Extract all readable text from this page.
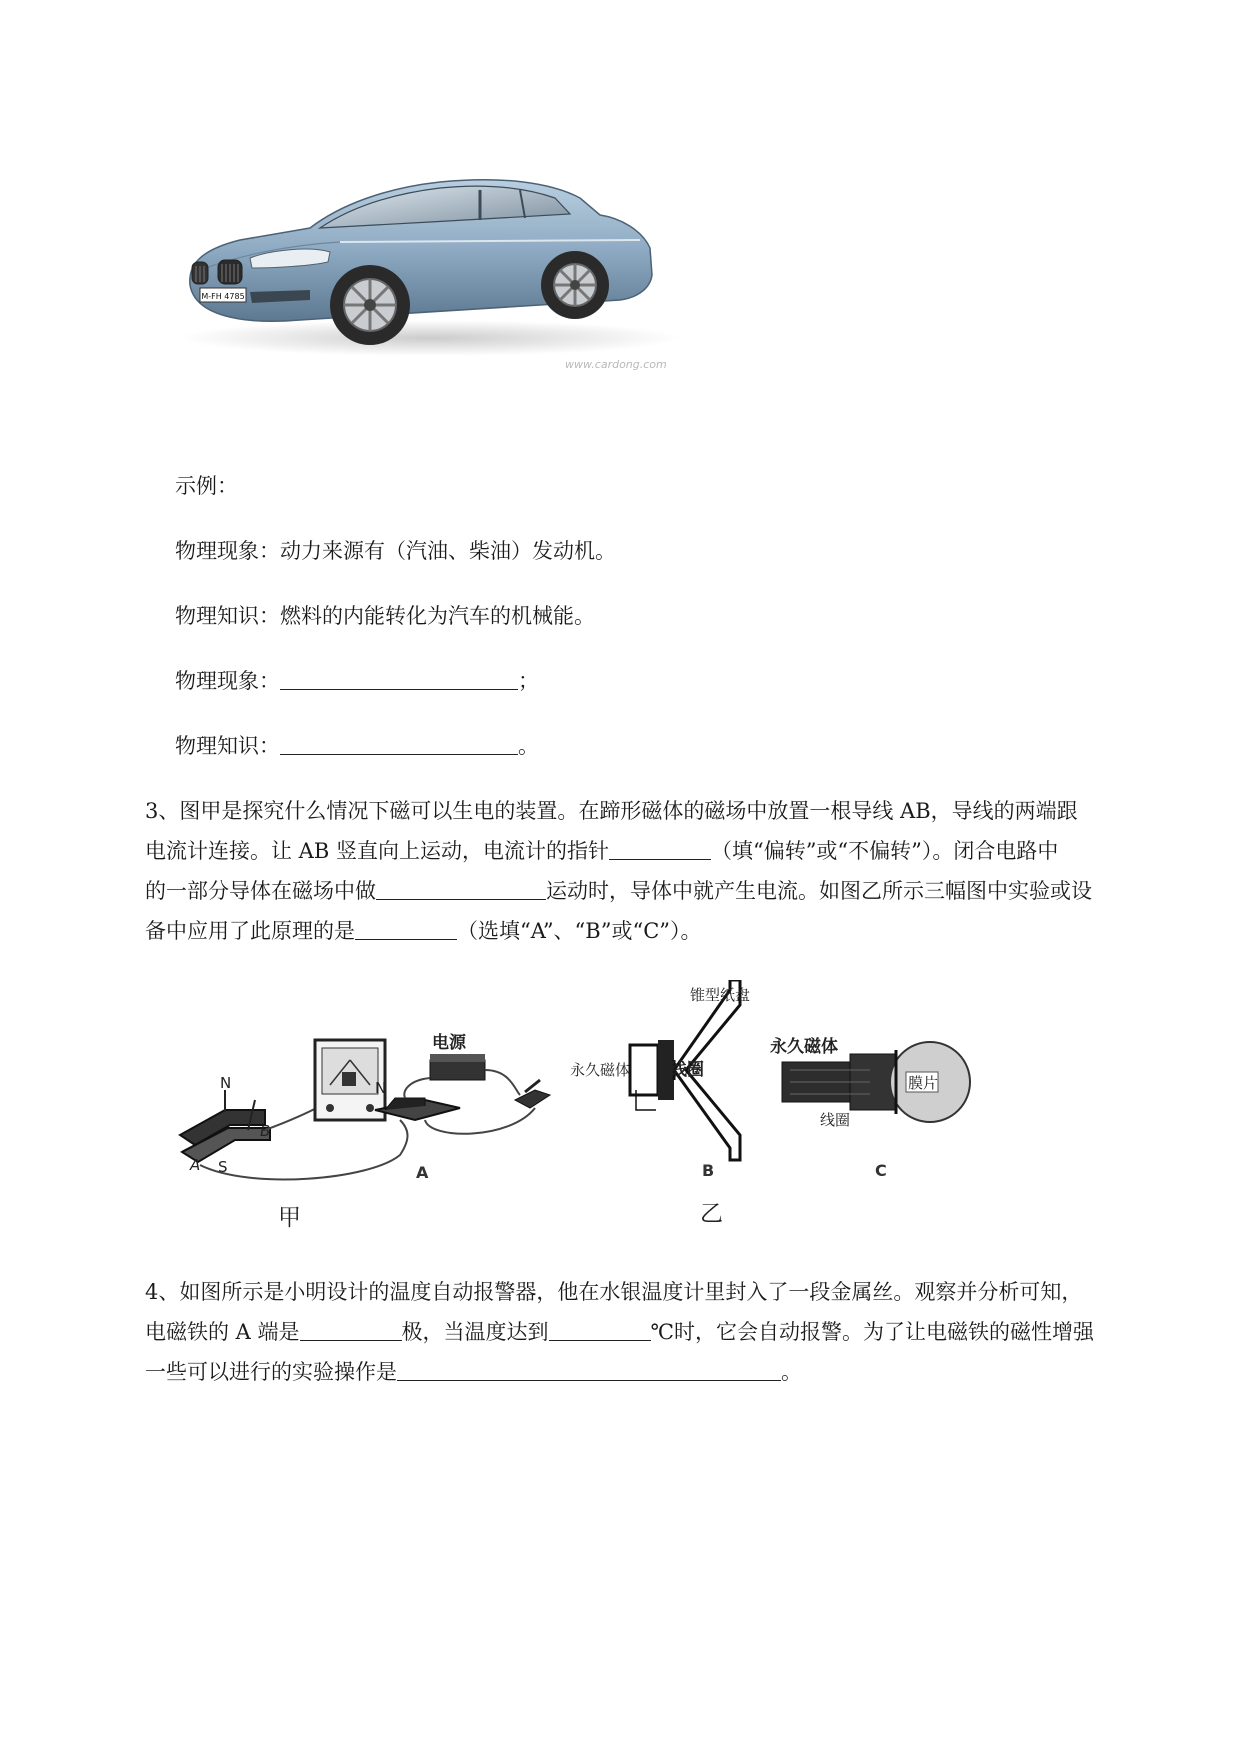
M-FH 4785
www.cardong.com
示例：
物理现象：动力来源有（汽油、柴油）发动机。
物理知识：燃料的内能转化为汽车的机械能。
物理现象：	；
物理知识：	。
3、图甲是探究什么情况下磁可以生电的装置。在蹄形磁体的磁场中放置一根导线 AB，导线的两端跟
电流计连接。让 AB 竖直向上运动，电流计的指针	（填“偏转”或“不偏转”）。闭合电路中
的一部分导体在磁场中做	运动时，导体中就产生电流。如图乙所示三幅图中实验或设
备中应用了此原理的是	（选填“A”、“B”或“C”）。
N
S
A
B
甲
电源
N
A
锥型纸盘
永久磁体 线圈
B
乙
永久磁体
膜片
线圈
C
4、如图所示是小明设计的温度自动报警器，他在水银温度计里封入了一段金属丝。观察并分析可知，
电磁铁的 A 端是	极，当温度达到	℃时，它会自动报警。为了让电磁铁的磁性增强
一些可以进行的实验操作是	。
